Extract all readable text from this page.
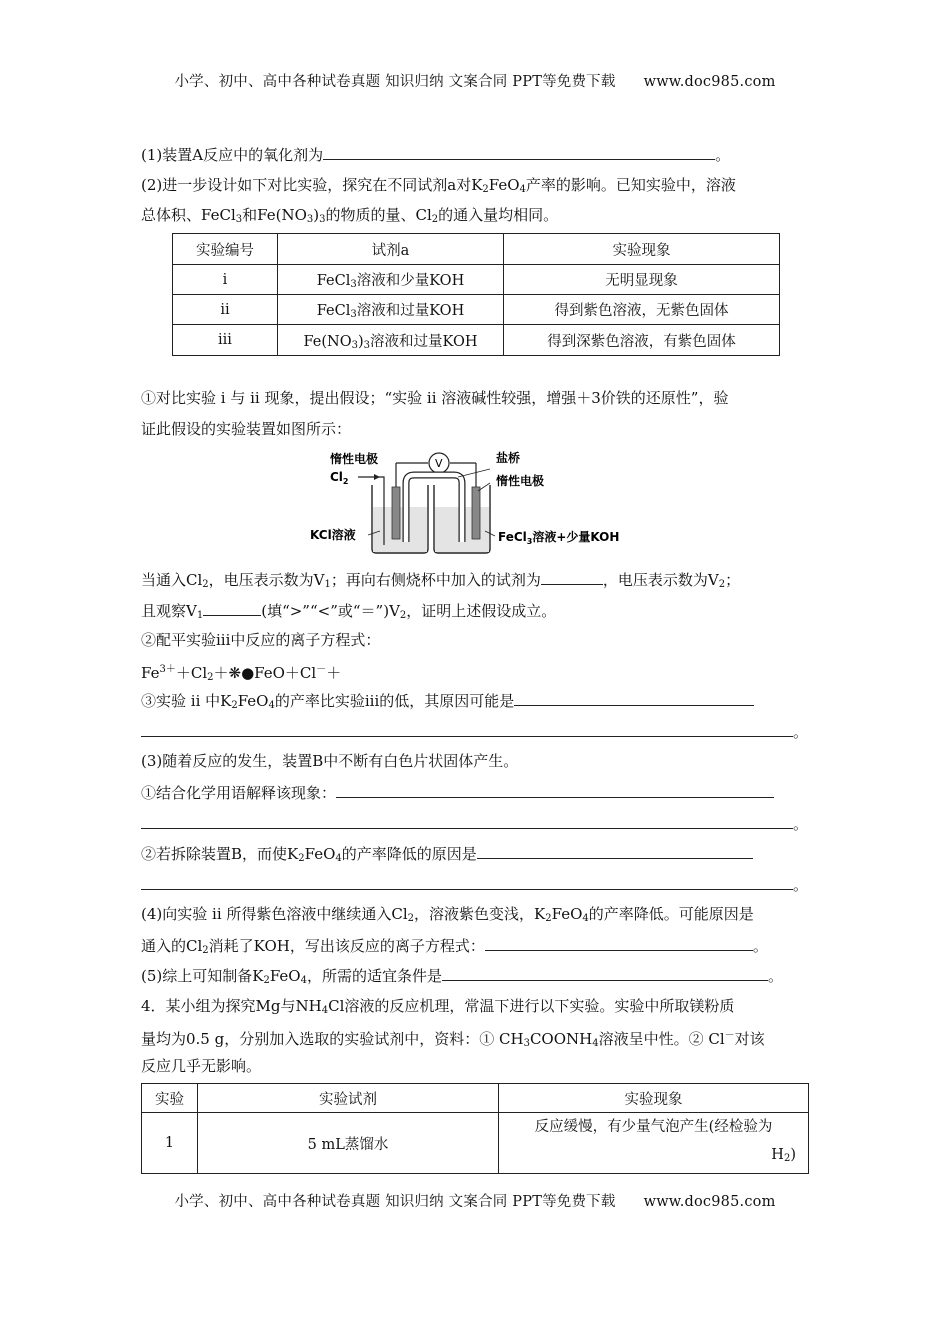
小学、初中、高中各种试卷真题 知识归纳 文案合同 PPT等免费下载 www.doc985.com
(1)装置A反应中的氧化剂为	。
(2)进一步设计如下对比实验，探究在不同试剂a对$K_2FeO_4$产率的影响。已知实验中，溶液
总体积、FeCl$_3$和$Fe(NO_3)_3$的物质的量、$Cl_2$的通入量均相同。
实验编号	试剂a	实验现象
i	FeCl$_3$溶液和少量KOH	无明显现象
ii	FeCl$_3$溶液和过量KOH	得到紫色溶液，无紫色固体
iii	$Fe(NO_3)_3$溶液和过量KOH	得到深紫色溶液，有紫色固体
①对比实验 i 与 ii 现象，提出假设；“实验 ii 溶液碱性较强，增强＋3价铁的还原性”，验
证此假设的实验装置如图所示：
惰性电极
$Cl_2$
V	盐桥
惰性电极
KCl溶液	FeCl$_3$溶液+少量KOH
当通入$Cl_2$，电压表示数为$V_1$；再向右侧烧杯中加入的试剂为	，电压表示数为$V_2$；
且观察$V_1$	(填“>”“<”或“$=”)V_2$，证明上述假设成立。
②配平实验iii中反应的离子方程式：
$Fe^{3+}+Cl_2+❋●FeO+Cl^-+$
③实验 ii 中$K_2FeO_4$的产率比实验iii的低，其原因可能是
。
(3)随着反应的发生，装置B中不断有白色片状固体产生。
①结合化学用语解释该现象：
。
②若拆除装置B，而使$K_2FeO_4$的产率降低的原因是
。
(4)向实验 ii 所得紫色溶液中继续通入$Cl_2$，溶液紫色变浅，$K_2FeO_4$的产率降低。可能原因是
通入的$Cl_2$消耗了KOH，写出该反应的离子方程式：	。
(5)综上可知制备$K_2FeO_4$，所需的适宜条件是	。
4．某小组为探究Mg与$NH_4Cl$溶液的反应机理，常温下进行以下实验。实验中所取镁粉质
量均为0.5 g，分别加入选取的实验试剂中，资料：① $CH_3COONH_4$溶液呈中性。② Cl－对该
反应几乎无影响。
实验	实验试剂	实验现象
1	5 mL蒸馏水	反应缓慢，有少量气泡产生(经检验为

$H_2$)
小学、初中、高中各种试卷真题 知识归纳 文案合同 PPT等免费下载 www.doc985.com
